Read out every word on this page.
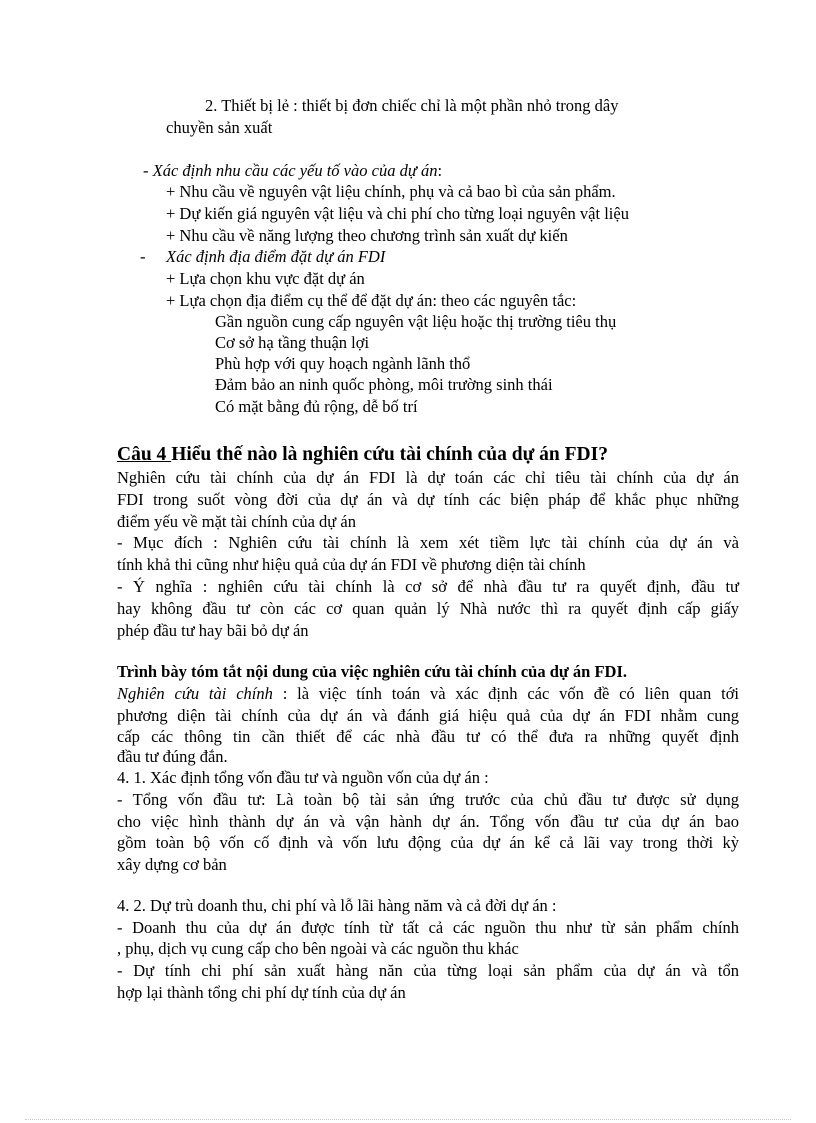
2. Thiết bị lẻ : thiết bị đơn chiếc chỉ là một phần nhỏ trong dây
chuyền sản xuất
- Xác định nhu cầu các yếu tố vào của dự án:
+ Nhu cầu về nguyên vật liệu chính, phụ và cả bao bì của sản phẩm.
+ Dự kiến giá nguyên vật liệu và chi phí cho từng loại nguyên vật liệu
+ Nhu cầu về năng lượng theo chương trình sản xuất dự kiến
- Xác định địa điểm đặt dự án FDI
+ Lựa chọn khu vực đặt dự án
+ Lựa chọn địa điểm cụ thể để đặt dự án: theo các nguyên tắc:
Gần nguồn cung cấp nguyên vật liệu hoặc thị trường tiêu thụ
Cơ sở hạ tầng thuận lợi
Phù hợp với quy hoạch ngành lãnh thổ
Đảm bảo an ninh quốc phòng, môi trường sinh thái
Có mặt bằng đủ rộng, dễ bố trí
Câu 4 Hiểu thế nào là nghiên cứu tài chính của dự án FDI?
Nghiên cứu tài chính của dự án FDI là dự toán các chỉ tiêu tài chính của dự án
FDI trong suốt vòng đời của dự án và dự tính các biện pháp để khắc phục những
điểm yếu về mặt tài chính của dự án
- Mục đích : Nghiên cứu tài chính là xem xét tiềm lực tài chính của dự án và
tính khả thi cũng như hiệu quả của dự án FDI về phương diện tài chính
- Ý nghĩa : nghiên cứu tài chính là cơ sở để nhà đầu tư ra quyết định, đầu tư
hay không đầu tư còn các cơ quan quản lý Nhà nước thì ra quyết định cấp giấy
phép đầu tư hay bãi bỏ dự án
Trình bày tóm tắt nội dung của việc nghiên cứu tài chính của dự án FDI.
Nghiên cứu tài chính : là việc tính toán và xác định các vốn đề có liên quan tới
phương diện tài chính của dự án và đánh giá hiệu quả của dự án FDI nhằm cung
cấp các thông tin cần thiết để các nhà đầu tư có thể đưa ra những quyết định
đầu tư đúng đắn.
4. 1. Xác định tổng vốn đầu tư và nguồn vốn của dự án :
- Tổng vốn đầu tư: Là toàn bộ tài sản ứng trước của chủ đầu tư được sử dụng
cho việc hình thành dự án và vận hành dự án. Tổng vốn đầu tư của dự án bao
gồm toàn bộ vốn cố định và vốn lưu động của dự án kể cả lãi vay trong thời kỳ
xây dựng cơ bản
4. 2. Dự trù doanh thu, chi phí và lỗ lãi hàng năm và cả đời dự án :
- Doanh thu của dự án được tính từ tất cả các nguồn thu như từ sản phẩm chính
, phụ, dịch vụ cung cấp cho bên ngoài và các nguồn thu khác
- Dự tính chi phí sản xuất hàng năn của từng loại sản phẩm của dự án và tổn
hợp lại thành tổng chi phí dự tính của dự án
